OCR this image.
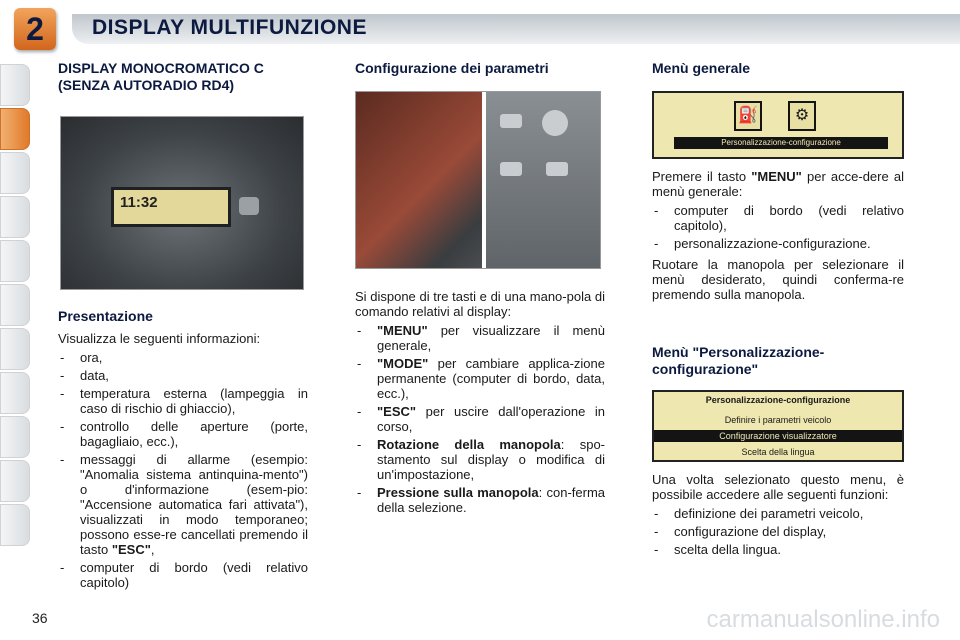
2	DISPLAY MULTIFUNZIONE
DISPLAY MONOCROMATICO C (SENZA AUTORADIO RD4)
11:32
Presentazione

Visualizza le seguenti informazioni:

- ora,
- data,
- temperatura esterna (lampeggia in caso di rischio di ghiaccio),
- controllo delle aperture (porte, bagagliaio, ecc.),
- messaggi di allarme (esempio: "Anomalia sistema antinquina-mento") o d'informazione (esem-pio: "Accensione automatica fari attivata"), visualizzati in modo temporaneo; possono esse-re cancellati premendo il tasto "ESC",
- computer di bordo (vedi relativo capitolo)
Configurazione dei parametri

Si dispone di tre tasti e di una mano-pola di comando relativi al display:

- "MENU" per visualizzare il menù generale,
- "MODE" per cambiare applica-zione permanente (computer di bordo, data, ecc.),
- "ESC" per uscire dall'operazione in corso,
- Rotazione della manopola: spo-stamento sul display o modifica di un'impostazione,
- Pressione sulla manopola: con-ferma della selezione.
Menù generale
⛽	⚙
Personalizzazione-configurazione

Premere il tasto "MENU" per acce-dere al menù generale:

- computer di bordo (vedi relativo capitolo),
- personalizzazione-configurazione.

Ruotare la manopola per selezionare il menù desiderato, quindi conferma-re premendo sulla manopola.

Menù "Personalizzazione-configurazione"
Personalizzazione-configurazione
Definire i parametri veicolo
Configurazione visualizzatore
Scelta della lingua

Una volta selezionato questo menu, è possibile accedere alle seguenti funzioni:

- definizione dei parametri veicolo,
- configurazione del display,
- scelta della lingua.
36	carmanualsonline.info
